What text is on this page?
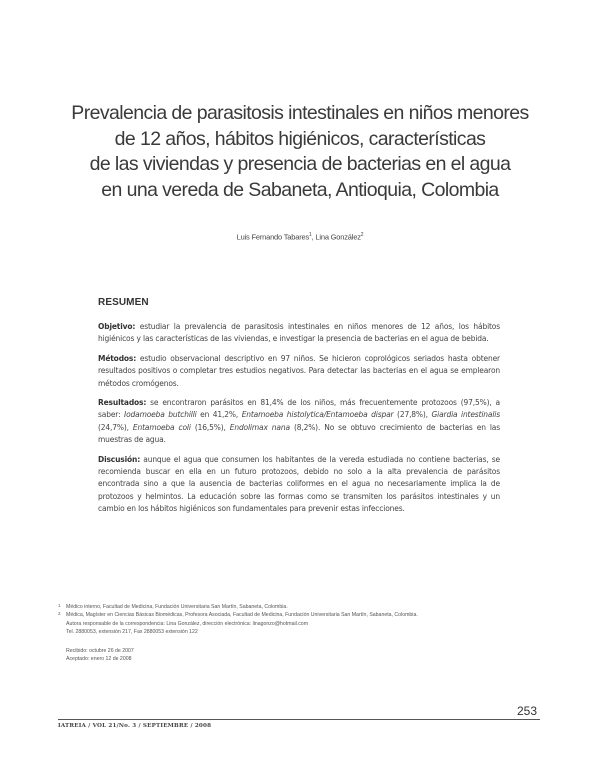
Prevalencia de parasitosis intestinales en niños menores
de 12 años, hábitos higiénicos, características
de las viviendas y presencia de bacterias en el agua
en una vereda de Sabaneta, Antioquia, Colombia
Luis Fernando Tabares$^1$, Lina González$^2$
RESUMEN

Objetivo: estudiar la prevalencia de parasitosis intestinales en niños menores de 12 años, los hábitos higiénicos y las características de las viviendas, e investigar la presencia de bacterias en el agua de bebida.

Métodos: estudio observacional descriptivo en 97 niños. Se hicieron coprológicos seriados hasta obtener resultados positivos o completar tres estudios negativos. Para detectar las bacterias en el agua se emplearon métodos cromógenos.

Resultados: se encontraron parásitos en 81,4% de los niños, más frecuentemente protozoos (97,5%), a saber: Iodamoeba butchilli en 41,2%, Entamoeba histolytica/Entamoeba dispar (27,8%), Giardia intestinalis (24,7%), Entamoeba coli (16,5%), Endolimax nana (8,2%). No se obtuvo crecimiento de bacterias en las muestras de agua.

Discusión: aunque el agua que consumen los habitantes de la vereda estudiada no contiene bacterias, se recomienda buscar en ella en un futuro protozoos, debido no solo a la alta prevalencia de parásitos encontrada sino a que la ausencia de bacterias coliformes en el agua no necesariamente implica la de protozoos y helmintos. La educación sobre las formas como se transmiten los parásitos intestinales y un cambio en los hábitos higiénicos son fundamentales para prevenir estas infecciones.

1 Médico interno, Facultad de Medicina, Fundación Universitaria San Martín, Sabaneta, Colombia.
2 Médica, Magíster en Ciencias Básicas Biomédicas, Profesora Asociada, Facultad de Medicina, Fundación Universitaria San Martín, Sabaneta, Colombia.
Autora responsable de la correspondencia: Lina González, dirección electrónica: linagonzo@hotmail.com
Tel. 2880053, extensión 217, Fax 2880053 extensión 122
Recibido: octubre 26 de 2007
Aceptado: enero 12 de 2008
253
IATREIA / VOL 21/No. 3 / SEPTIEMBRE / 2008
